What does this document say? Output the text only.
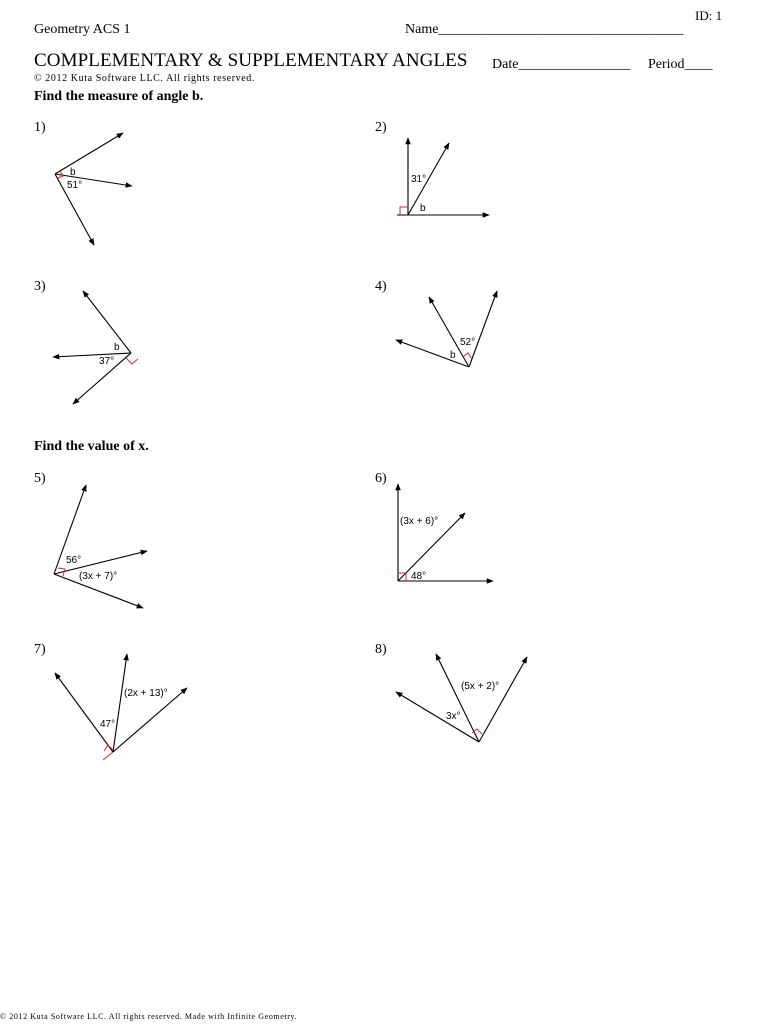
Geometry ACS 1	Name___________________________________
ID: 1
COMPLEMENTARY & SUPPLEMENTARY ANGLES Date________________ Period____
© 2012 Kuta Software LLC. All rights reserved.
Find the measure of angle b.
Find the value of x.
1)	2)
3)	4)
5)	6)
7)	8)
b
51°
31°
b
b
37°
52°
b
56°
(3x + 7)°
(3x + 6)°
48°
(2x + 13)°
47°
(5x + 2)°
3x°
© 2012 Kuta Software LLC. All rights reserved. Made with Infinite Geometry.
